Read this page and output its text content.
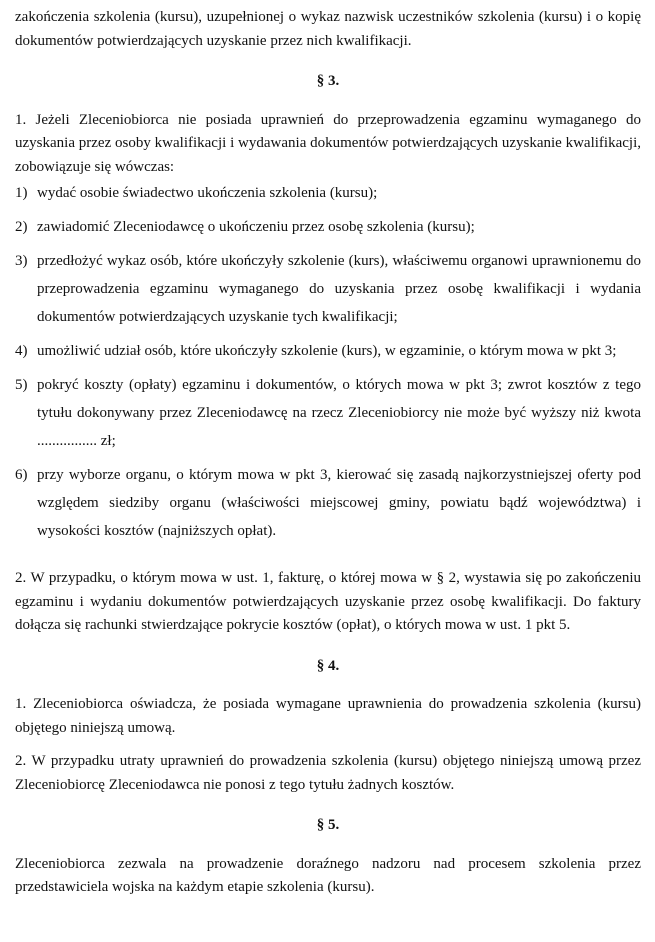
zakończenia szkolenia (kursu), uzupełnionej o wykaz nazwisk uczestników szkolenia (kursu) i o kopię dokumentów potwierdzających uzyskanie przez nich kwalifikacji.

§ 3.

1. Jeżeli Zleceniobiorca nie posiada uprawnień do przeprowadzenia egzaminu wymaganego do uzyskania przez osoby kwalifikacji i wydawania dokumentów potwierdzających uzyskanie kwalifikacji, zobowiązuje się wówczas:

1) wydać osobie świadectwo ukończenia szkolenia (kursu);
2) zawiadomić Zleceniodawcę o ukończeniu przez osobę szkolenia (kursu);
3) przedłożyć wykaz osób, które ukończyły szkolenie (kurs), właściwemu organowi uprawnionemu do przeprowadzenia egzaminu wymaganego do uzyskania przez osobę kwalifikacji i wydania dokumentów potwierdzających uzyskanie tych kwalifikacji;
4) umożliwić udział osób, które ukończyły szkolenie (kurs), w egzaminie, o którym mowa w pkt 3;
5) pokryć koszty (opłaty) egzaminu i dokumentów, o których mowa w pkt 3; zwrot kosztów z tego tytułu dokonywany przez Zleceniodawcę na rzecz Zleceniobiorcy nie może być wyższy niż kwota ................ zł;
6) przy wyborze organu, o którym mowa w pkt 3, kierować się zasadą najkorzystniejszej oferty pod względem siedziby organu (właściwości miejscowej gminy, powiatu bądź województwa) i wysokości kosztów (najniższych opłat).

2. W przypadku, o którym mowa w ust. 1, fakturę, o której mowa w § 2, wystawia się po zakończeniu egzaminu i wydaniu dokumentów potwierdzających uzyskanie przez osobę kwalifikacji. Do faktury dołącza się rachunki stwierdzające pokrycie kosztów (opłat), o których mowa w ust. 1 pkt 5.

§ 4.

1. Zleceniobiorca oświadcza, że posiada wymagane uprawnienia do prowadzenia szkolenia (kursu) objętego niniejszą umową.

2. W przypadku utraty uprawnień do prowadzenia szkolenia (kursu) objętego niniejszą umową przez Zleceniobiorcę Zleceniodawca nie ponosi z tego tytułu żadnych kosztów.

§ 5.

Zleceniobiorca zezwala na prowadzenie doraźnego nadzoru nad procesem szkolenia przez przedstawiciela wojska na każdym etapie szkolenia (kursu).
